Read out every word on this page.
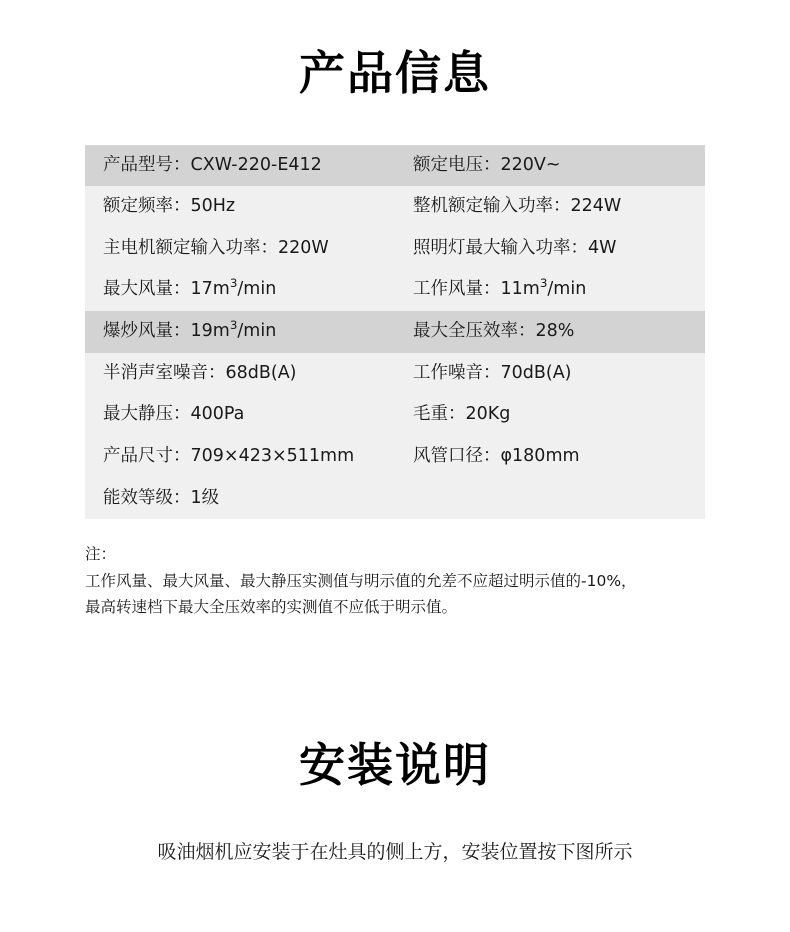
产品信息
产品型号：CXW-220-E412	额定电压：220V~
额定频率：50Hz	整机额定输入功率：224W
主电机额定输入功率：220W	照明灯最大输入功率：4W
最大风量：$17m^3/\min$	工作风量：$11m^3/\min$
爆炒风量：$19m^3/\min$	最大全压效率：28%
半消声室噪音：68dB(A)	工作噪音：70dB(A)
最大静压：400Pa	毛重：20Kg
产品尺寸：709×423×511mm	风管口径：φ180mm
能效等级：1级	
注：
工作风量、最大风量、最大静压实测值与明示值的允差不应超过明示值的-10%，
最高转速档下最大全压效率的实测值不应低于明示值。
安装说明
吸油烟机应安装于在灶具的侧上方，安装位置按下图所示
